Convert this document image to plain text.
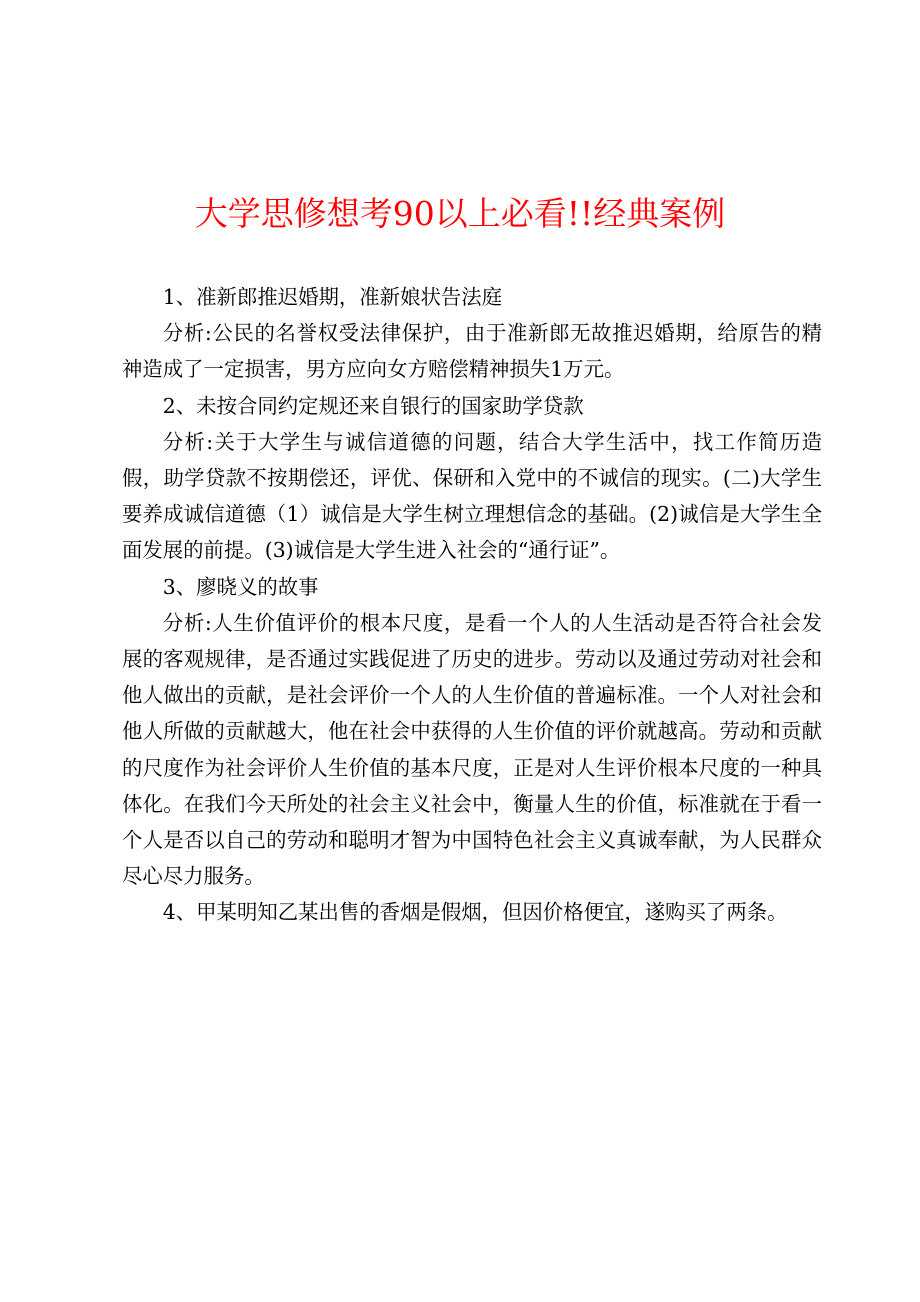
大学思修想考90以上必看!!经典案例

1、准新郎推迟婚期，准新娘状告法庭

分析:公民的名誉权受法律保护，由于准新郎无故推迟婚期，给原告的精神造成了一定损害，男方应向女方赔偿精神损失1万元。

2、未按合同约定规还来自银行的国家助学贷款

分析:关于大学生与诚信道德的问题，结合大学生活中，找工作简历造假，助学贷款不按期偿还，评优、保研和入党中的不诚信的现实。(二)大学生要养成诚信道德（1）诚信是大学生树立理想信念的基础。(2)诚信是大学生全面发展的前提。(3)诚信是大学生进入社会的“通行证”。

3、廖晓义的故事

分析:人生价值评价的根本尺度，是看一个人的人生活动是否符合社会发展的客观规律，是否通过实践促进了历史的进步。劳动以及通过劳动对社会和他人做出的贡献，是社会评价一个人的人生价值的普遍标准。一个人对社会和他人所做的贡献越大，他在社会中获得的人生价值的评价就越高。劳动和贡献的尺度作为社会评价人生价值的基本尺度，正是对人生评价根本尺度的一种具体化。在我们今天所处的社会主义社会中，衡量人生的价值，标准就在于看一个人是否以自己的劳动和聪明才智为中国特色社会主义真诚奉献，为人民群众尽心尽力服务。

4、甲某明知乙某出售的香烟是假烟，但因价格便宜，遂购买了两条。
